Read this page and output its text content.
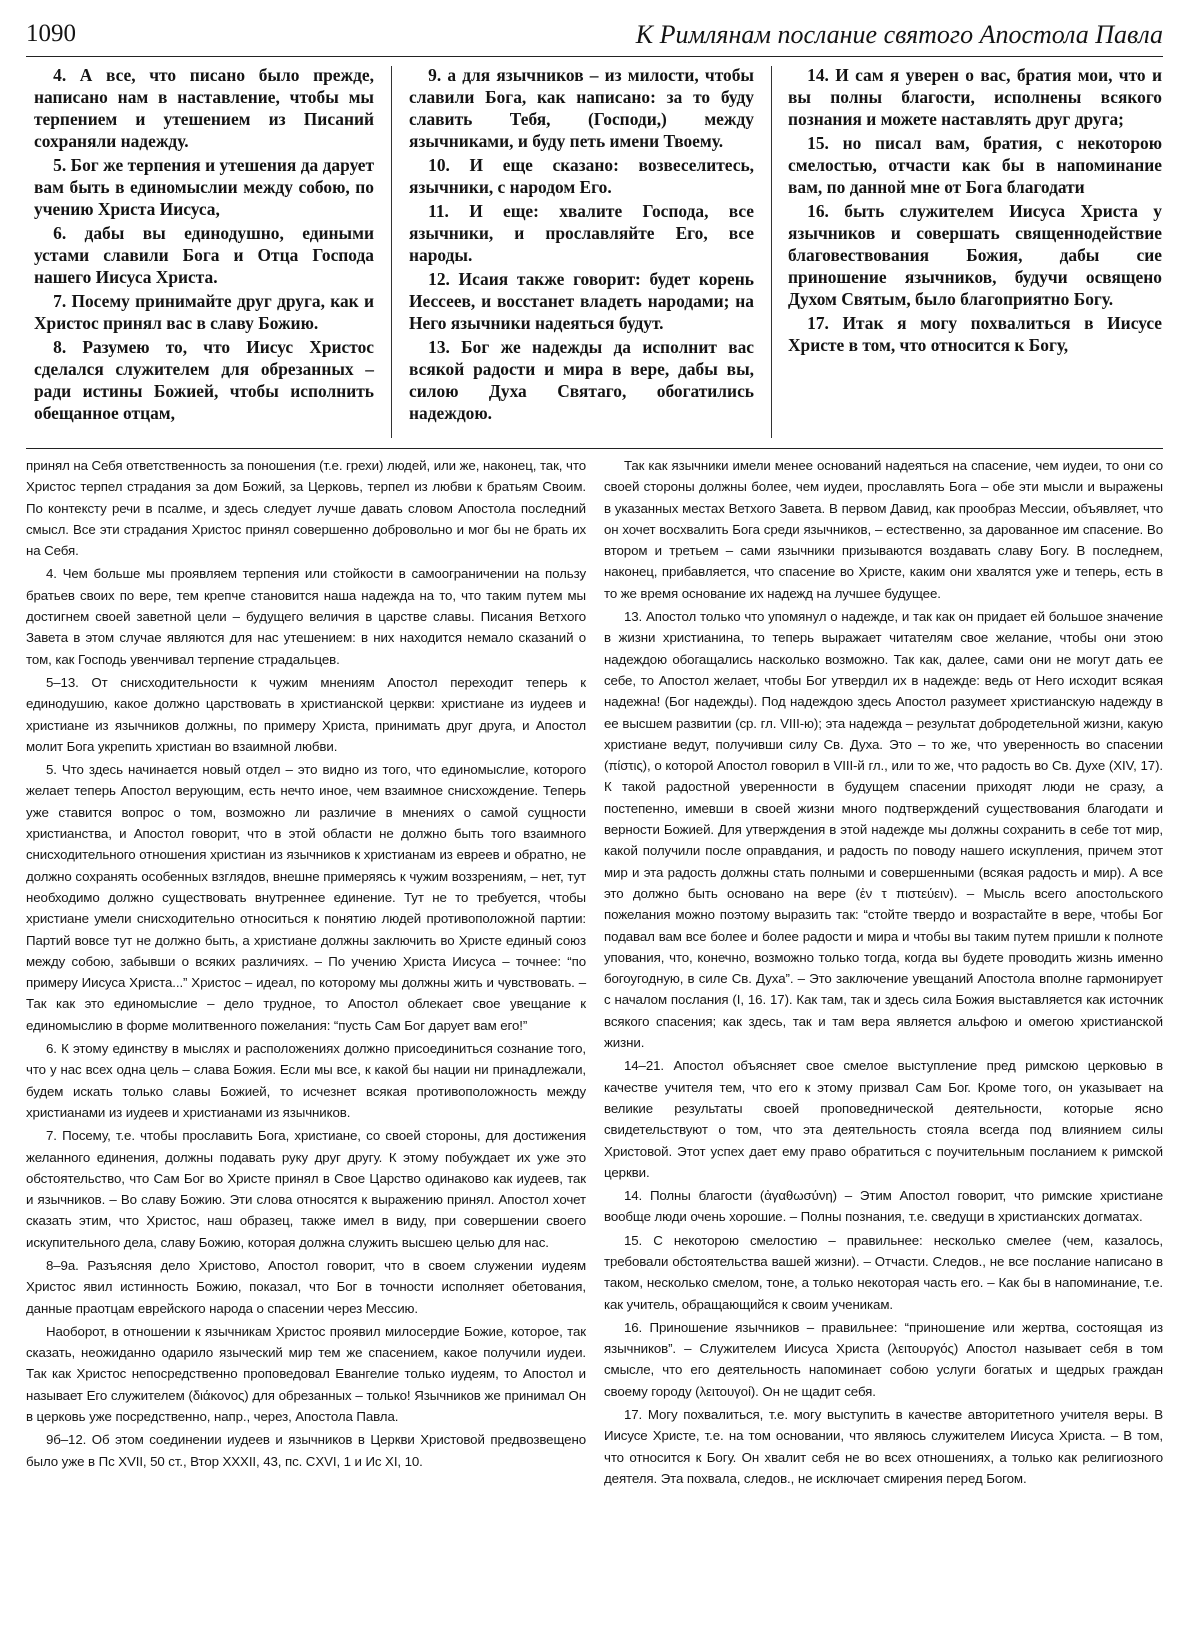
1090	К Римлянам послание святого Апостола Павла

4. А все, что писано было прежде, написано нам в наставление, чтобы мы терпением и утешением из Писаний сохраняли надежду.

5. Бог же терпения и утешения да дарует вам быть в единомыслии между собою, по учению Христа Иисуса,

6. дабы вы единодушно, едиными устами славили Бога и Отца Господа нашего Иисуса Христа.

7. Посему принимайте друг друга, как и Христос принял вас в славу Божию.

8. Разумею то, что Иисус Христос сделался служителем для обрезанных – ради истины Божией, чтобы исполнить обещанное отцам,

9. а для язычников – из милости, чтобы славили Бога, как написано: за то буду славить Тебя, (Господи,) между язычниками, и буду петь имени Твоему.

10. И еще сказано: возвеселитесь, язычники, с народом Его.

11. И еще: хвалите Господа, все язычники, и прославляйте Его, все народы.

12. Исаия также говорит: будет корень Иессеев, и восстанет владеть народами; на Него язычники надеяться будут.

13. Бог же надежды да исполнит вас всякой радости и мира в вере, дабы вы, силою Духа Святаго, обогатились надеждою.

14. И сам я уверен о вас, братия мои, что и вы полны благости, исполнены всякого познания и можете наставлять друг друга;

15. но писал вам, братия, с некоторою смелостью, отчасти как бы в напоминание вам, по данной мне от Бога благодати

16. быть служителем Иисуса Христа у язычников и совершать священнодействие благовествования Божия, дабы сие приношение язычников, будучи освящено Духом Святым, было благоприятно Богу.

17. Итак я могу похвалиться в Иисусе Христе в том, что относится к Богу,

принял на Себя ответственность за поношения (т.е. грехи) людей, или же, наконец, так, что Христос терпел страдания за дом Божий, за Церковь, терпел из любви к братьям Своим. По контексту речи в псалме, и здесь следует лучше давать словом Апостола последний смысл. Все эти страдания Христос принял совершенно добровольно и мог бы не брать их на Себя.

4. Чем больше мы проявляем терпения или стойкости в самоограничении на пользу братьев своих по вере, тем крепче становится наша надежда на то, что таким путем мы достигнем своей заветной цели – будущего величия в царстве славы. Писания Ветхого Завета в этом случае являются для нас утешением: в них находится немало сказаний о том, как Господь увенчивал терпение страдальцев.

5–13. От снисходительности к чужим мнениям Апостол переходит теперь к единодушию, какое должно царствовать в христианской церкви: христиане из иудеев и христиане из язычников должны, по примеру Христа, принимать друг друга, и Апостол молит Бога укрепить христиан во взаимной любви.

5. Что здесь начинается новый отдел – это видно из того, что единомыслие, которого желает теперь Апостол верующим, есть нечто иное, чем взаимное снисхождение. Теперь уже ставится вопрос о том, возможно ли различие в мнениях о самой сущности христианства, и Апостол говорит, что в этой области не должно быть того взаимного снисходительного отношения христиан из язычников к христианам из евреев и обратно, не должно сохранять особенных взглядов, внешне примеряясь к чужим воззрениям, – нет, тут необходимо должно существовать внутреннее единение. Тут не то требуется, чтобы христиане умели снисходительно относиться к понятию людей противоположной партии: Партий вовсе тут не должно быть, а христиане должны заключить во Христе единый союз между собою, забывши о всяких различиях. – По учению Христа Иисуса – точнее: “по примеру Иисуса Христа...” Христос – идеал, по которому мы должны жить и чувствовать. – Так как это единомыслие – дело трудное, то Апостол облекает свое увещание к единомыслию в форме молитвенного пожелания: “пусть Сам Бог дарует вам его!”

6. К этому единству в мыслях и расположениях должно присоединиться сознание того, что у нас всех одна цель – слава Божия. Если мы все, к какой бы нации ни принадлежали, будем искать только славы Божией, то исчезнет всякая противоположность между христианами из иудеев и христианами из язычников.

7. Посему, т.е. чтобы прославить Бога, христиане, со своей стороны, для достижения желанного единения, должны подавать руку друг другу. К этому побуждает их уже это обстоятельство, что Сам Бог во Христе принял в Свое Царство одинаково как иудеев, так и язычников. – Во славу Божию. Эти слова относятся к выражению принял. Апостол хочет сказать этим, что Христос, наш образец, также имел в виду, при совершении своего искупительного дела, славу Божию, которая должна служить высшею целью для нас.

8–9а. Разъясняя дело Христово, Апостол говорит, что в своем служении иудеям Христос явил истинность Божию, показал, что Бог в точности исполняет обетования, данные праотцам еврейского народа о спасении через Мессию.

Наоборот, в отношении к язычникам Христос проявил милосердие Божие, которое, так сказать, неожиданно одарило языческий мир тем же спасением, какое получили иудеи. Так как Христос непосредственно проповедовал Евангелие только иудеям, то Апостол и называет Его служителем (διάκονος) для обрезанных – только! Язычников же принимал Он в церковь уже посредственно, напр., через, Апостола Павла.

9б–12. Об этом соединении иудеев и язычников в Церкви Христовой предвозвещено было уже в Пс XVII, 50 ст., Втор XXXII, 43, пс. CXVI, 1 и Ис XI, 10.

Так как язычники имели менее оснований надеяться на спасение, чем иудеи, то они со своей стороны должны более, чем иудеи, прославлять Бога – обе эти мысли и выражены в указанных местах Ветхого Завета. В первом Давид, как прообраз Мессии, объявляет, что он хочет восхвалить Бога среди язычников, – естественно, за дарованное им спасение. Во втором и третьем – сами язычники призываются воздавать славу Богу. В последнем, наконец, прибавляется, что спасение во Христе, каким они хвалятся уже и теперь, есть в то же время основание их надежд на лучшее будущее.

13. Апостол только что упомянул о надежде, и так как он придает ей большое значение в жизни христианина, то теперь выражает читателям свое желание, чтобы они этою надеждою обогащались насколько возможно. Так как, далее, сами они не могут дать ее себе, то Апостол желает, чтобы Бог утвердил их в надежде: ведь от Него исходит всякая надежна! (Бог надежды). Под надеждою здесь Апостол разумеет христианскую надежду в ее высшем развитии (ср. гл. VIII-ю); эта надежда – результат добродетельной жизни, какую христиане ведут, получивши силу Св. Духа. Это – то же, что уверенность во спасении (πίστις), о которой Апостол говорил в VIII-й гл., или то же, что радость во Св. Духе (XIV, 17). К такой радостной уверенности в будущем спасении приходят люди не сразу, а постепенно, имевши в своей жизни много подтверждений существования благодати и верности Божией. Для утверждения в этой надежде мы должны сохранить в себе тот мир, какой получили после оправдания, и радость по поводу нашего искупления, причем этот мир и эта радость должны стать полными и совершенными (всякая радость и мир). А все это должно быть основано на вере (ἐν τ πιστεύειν). – Мысль всего апостольского пожелания можно поэтому выразить так: “стойте твердо и возрастайте в вере, чтобы Бог подавал вам все более и более радости и мира и чтобы вы таким путем пришли к полноте упования, что, конечно, возможно только тогда, когда вы будете проводить жизнь именно богоугодную, в силе Св. Духа”. – Это заключение увещаний Апостола вполне гармонирует с началом послания (I, 16. 17). Как там, так и здесь сила Божия выставляется как источник всякого спасения; как здесь, так и там вера является альфою и омегою христианской жизни.

14–21. Апостол объясняет свое смелое выступление пред римскою церковью в качестве учителя тем, что его к этому призвал Сам Бог. Кроме того, он указывает на великие результаты своей проповеднической деятельности, которые ясно свидетельствуют о том, что эта деятельность стояла всегда под влиянием силы Христовой. Этот успех дает ему право обратиться с поучительным посланием к римской церкви.

14. Полны благости (ἀγαθωσύνη) – Этим Апостол говорит, что римские христиане вообще люди очень хорошие. – Полны познания, т.е. сведущи в христианских догматах.

15. С некоторою смелостию – правильнее: несколько смелее (чем, казалось, требовали обстоятельства вашей жизни). – Отчасти. Следов., не все послание написано в таком, несколько смелом, тоне, а только некоторая часть его. – Как бы в напоминание, т.е. как учитель, обращающийся к своим ученикам.

16. Приношение язычников – правильнее: “приношение или жертва, состоящая из язычников”. – Служителем Иисуса Христа (λειτουργός) Апостол называет себя в том смысле, что его деятельность напоминает собою услуги богатых и щедрых граждан своему городу (λειτουγοί). Он не щадит себя.

17. Могу похвалиться, т.е. могу выступить в качестве авторитетного учителя веры. В Иисусе Христе, т.е. на том основании, что являюсь служителем Иисуса Христа. – В том, что относится к Богу. Он хвалит себя не во всех отношениях, а только как религиозного деятеля. Эта похвала, следов., не исключает смирения перед Богом.
